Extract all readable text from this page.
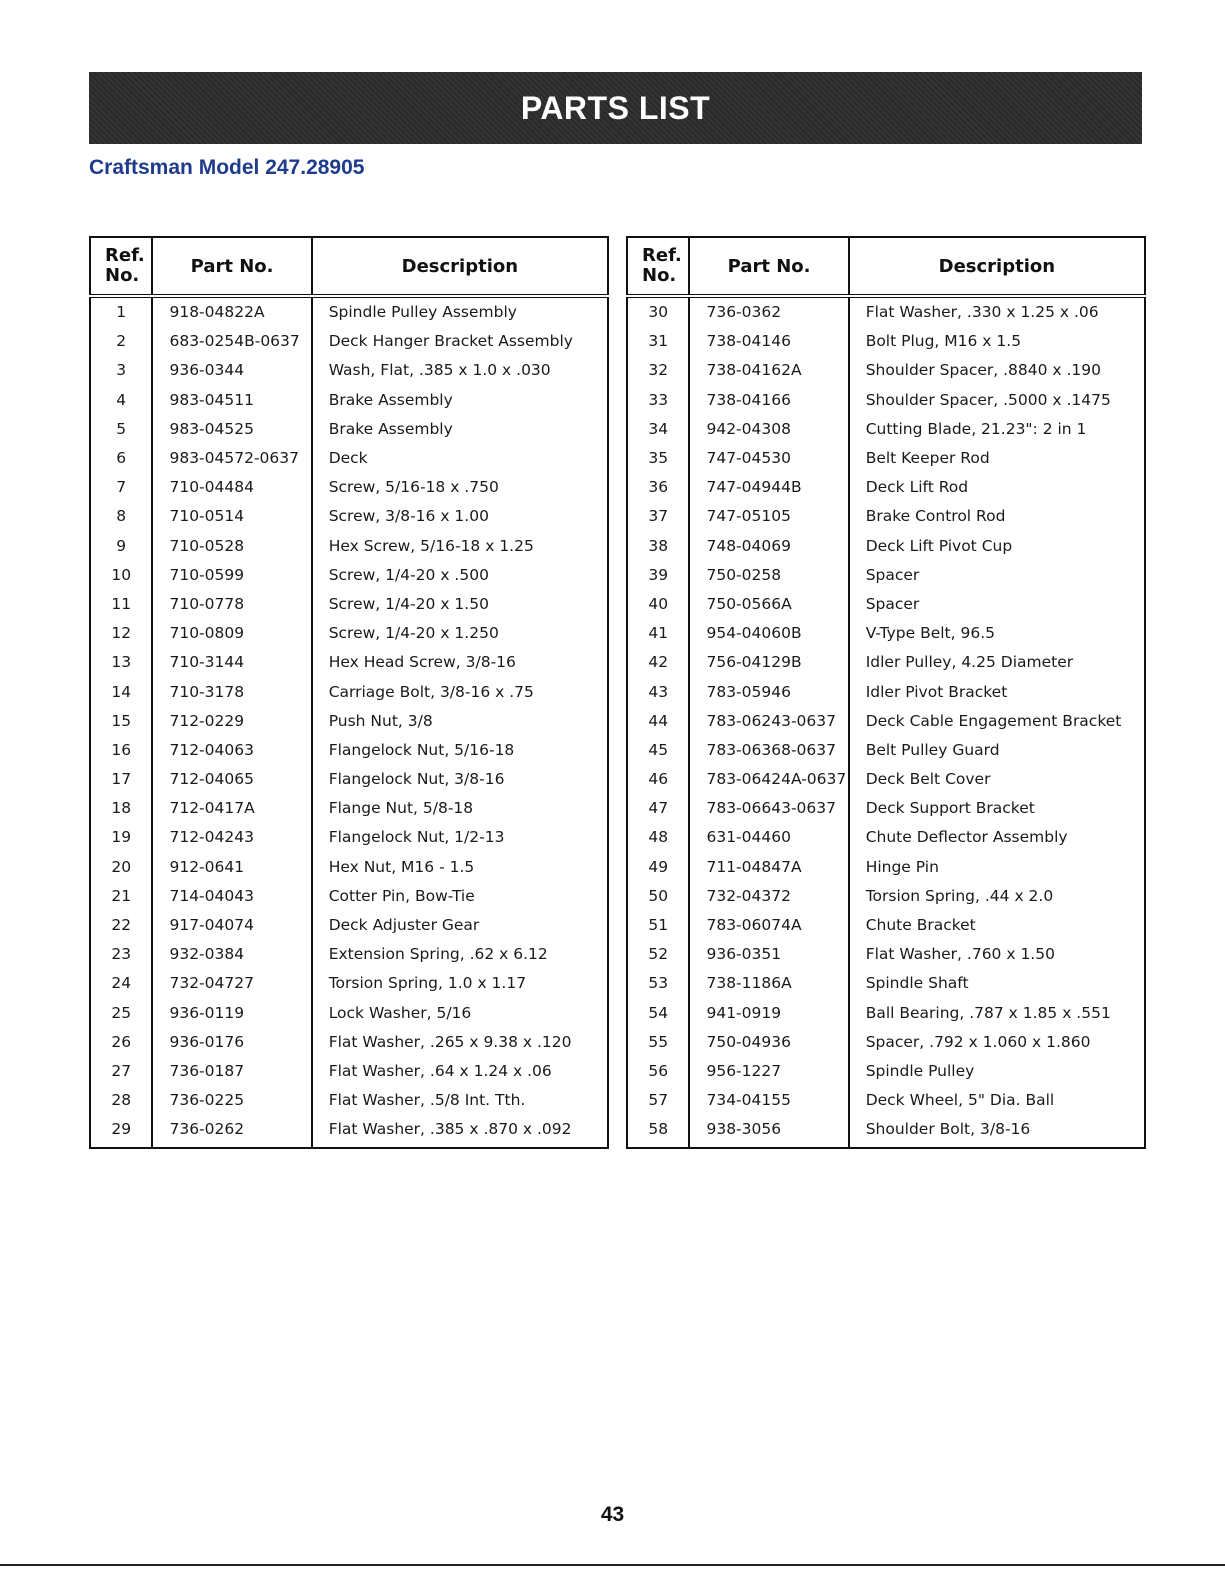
PARTS LIST
Craftsman Model 247.28905
Ref.
No.	Part No.	Description
1	918-04822A	Spindle Pulley Assembly
2	683-0254B-0637	Deck Hanger Bracket Assembly
3	936-0344	Wash, Flat, .385 x 1.0 x .030
4	983-04511	Brake Assembly
5	983-04525	Brake Assembly
6	983-04572-0637	Deck
7	710-04484	Screw, 5/16-18 x .750
8	710-0514	Screw, 3/8-16 x 1.00
9	710-0528	Hex Screw, 5/16-18 x 1.25
10	710-0599	Screw, 1/4-20 x .500
11	710-0778	Screw, 1/4-20 x 1.50
12	710-0809	Screw, 1/4-20 x 1.250
13	710-3144	Hex Head Screw, 3/8-16
14	710-3178	Carriage Bolt, 3/8-16 x .75
15	712-0229	Push Nut, 3/8
16	712-04063	Flangelock Nut, 5/16-18
17	712-04065	Flangelock Nut, 3/8-16
18	712-0417A	Flange Nut, 5/8-18
19	712-04243	Flangelock Nut, 1/2-13
20	912-0641	Hex Nut, M16 - 1.5
21	714-04043	Cotter Pin, Bow-Tie
22	917-04074	Deck Adjuster Gear
23	932-0384	Extension Spring, .62 x 6.12
24	732-04727	Torsion Spring, 1.0 x 1.17
25	936-0119	Lock Washer, 5/16
26	936-0176	Flat Washer, .265 x 9.38 x .120
27	736-0187	Flat Washer, .64 x 1.24 x .06
28	736-0225	Flat Washer, .5/8 Int. Tth.
29	736-0262	Flat Washer, .385 x .870 x .092
Ref.
No.	Part No.	Description
30	736-0362	Flat Washer, .330 x 1.25 x .06
31	738-04146	Bolt Plug, M16 x 1.5
32	738-04162A	Shoulder Spacer, .8840 x .190
33	738-04166	Shoulder Spacer, .5000 x .1475
34	942-04308	Cutting Blade, 21.23": 2 in 1
35	747-04530	Belt Keeper Rod
36	747-04944B	Deck Lift Rod
37	747-05105	Brake Control Rod
38	748-04069	Deck Lift Pivot Cup
39	750-0258	Spacer
40	750-0566A	Spacer
41	954-04060B	V-Type Belt, 96.5
42	756-04129B	Idler Pulley, 4.25 Diameter
43	783-05946	Idler Pivot Bracket
44	783-06243-0637	Deck Cable Engagement Bracket
45	783-06368-0637	Belt Pulley Guard
46	783-06424A-0637	Deck Belt Cover
47	783-06643-0637	Deck Support Bracket
48	631-04460	Chute Deflector Assembly
49	711-04847A	Hinge Pin
50	732-04372	Torsion Spring, .44 x 2.0
51	783-06074A	Chute Bracket
52	936-0351	Flat Washer, .760 x 1.50
53	738-1186A	Spindle Shaft
54	941-0919	Ball Bearing, .787 x 1.85 x .551
55	750-04936	Spacer, .792 x 1.060 x 1.860
56	956-1227	Spindle Pulley
57	734-04155	Deck Wheel, 5" Dia. Ball
58	938-3056	Shoulder Bolt, 3/8-16
43
